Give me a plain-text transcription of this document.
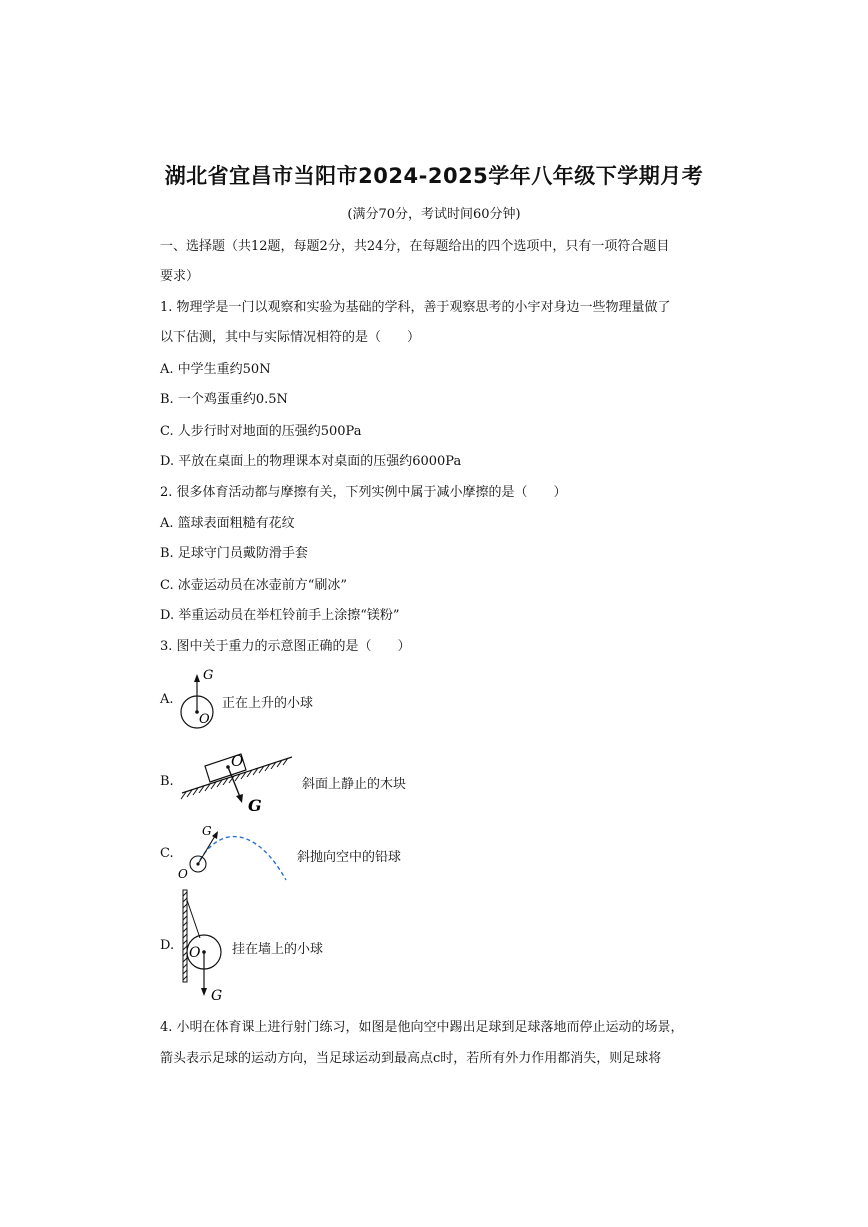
湖北省宜昌市当阳市2024-2025学年八年级下学期月考
(满分70分，考试时间60分钟)
一、选择题（共12题，每题2分，共24分，在每题给出的四个选项中，只有一项符合题目
要求）
1. 物理学是一门以观察和实验为基础的学科，善于观察思考的小宇对身边一些物理量做了
以下估测，其中与实际情况相符的是（　　）
A. 中学生重约50N
B. 一个鸡蛋重约0.5N
C. 人步行时对地面的压强约500Pa
D. 平放在桌面上的物理课本对桌面的压强约6000Pa
2. 很多体育活动都与摩擦有关，下列实例中属于减小摩擦的是（　　）
A. 篮球表面粗糙有花纹
B. 足球守门员戴防滑手套
C. 冰壶运动员在冰壶前方“刷冰”
D. 举重运动员在举杠铃前手上涂擦“镁粉”
3. 图中关于重力的示意图正确的是（　　）
A.
G
O
正在上升的小球
B.
O
G
斜面上静止的木块
C.
G
O
斜抛向空中的铅球
D. O
G
挂在墙上的小球
4. 小明在体育课上进行射门练习，如图是他向空中踢出足球到足球落地而停止运动的场景，
箭头表示足球的运动方向，当足球运动到最高点c时，若所有外力作用都消失，则足球将
